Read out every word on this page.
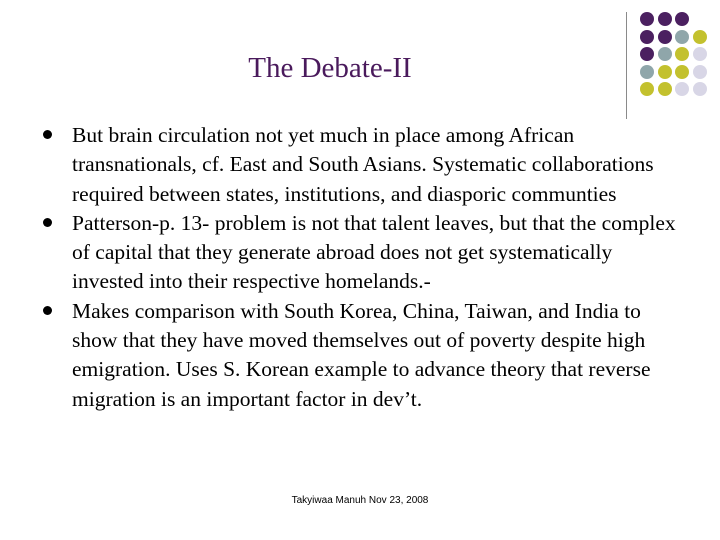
The Debate-II

But brain circulation not yet much in place among African transnationals, cf. East and South Asians. Systematic collaborations required between states, institutions, and diasporic communties

Patterson-p. 13- problem is not that talent leaves, but that the complex of capital that they generate abroad does not get systematically invested into their respective homelands.-

Makes comparison with South Korea, China, Taiwan, and India to show that they have moved themselves out of poverty despite high emigration. Uses S. Korean example to advance theory that reverse migration is an important factor in dev’t.

Takyiwaa Manuh Nov 23, 2008
